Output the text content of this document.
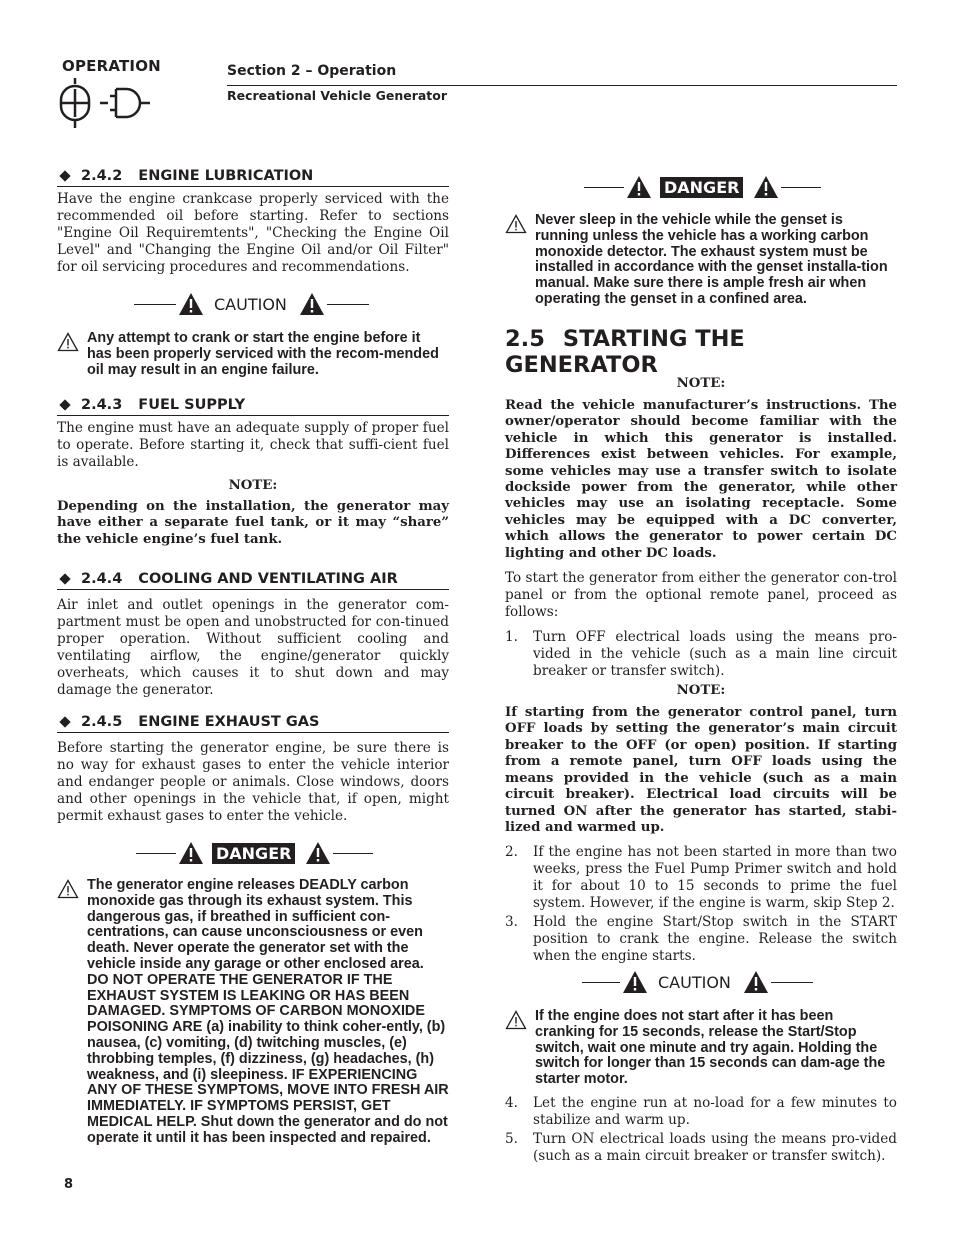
OPERATION	Section 2 – Operation
Recreational Vehicle Generator
2.4.2 ENGINE LUBRICATION

Have the engine crankcase properly serviced with the recommended oil before starting. Refer to sections "Engine Oil Requiremtents", "Checking the Engine Oil Level" and "Changing the Engine Oil and/or Oil Filter" for oil servicing procedures and recommendations.

CAUTION
Any attempt to crank or start the engine before it has been properly serviced with the recom-mended oil may result in an engine failure.
2.4.3 FUEL SUPPLY

The engine must have an adequate supply of proper fuel to operate. Before starting it, check that suffi-cient fuel is available.

NOTE:

Depending on the installation, the generator may have either a separate fuel tank, or it may “share” the vehicle engine’s fuel tank.

2.4.4 COOLING AND VENTILATING AIR

Air inlet and outlet openings in the generator com-partment must be open and unobstructed for con-tinued proper operation. Without sufficient cooling and ventilating airflow, the engine/generator quickly overheats, which causes it to shut down and may damage the generator.

2.4.5 ENGINE EXHAUST GAS

Before starting the generator engine, be sure there is no way for exhaust gases to enter the vehicle interior and endanger people or animals. Close windows, doors and other openings in the vehicle that, if open, might permit exhaust gases to enter the vehicle.

DANGER
The generator engine releases DEADLY carbon monoxide gas through its exhaust system. This dangerous gas, if breathed in sufficient con-centrations, can cause unconsciousness or even death. Never operate the generator set with the vehicle inside any garage or other enclosed area. DO NOT OPERATE THE GENERATOR IF THE EXHAUST SYSTEM IS LEAKING OR HAS BEEN DAMAGED. SYMPTOMS OF CARBON MONOXIDE POISONING ARE (a) inability to think coher-ently, (b) nausea, (c) vomiting, (d) twitching muscles, (e) throbbing temples, (f) dizziness, (g) headaches, (h) weakness, and (i) sleepiness. IF EXPERIENCING ANY OF THESE SYMPTOMS, MOVE INTO FRESH AIR IMMEDIATELY. IF SYMPTOMS PERSIST, GET MEDICAL HELP. Shut down the generator and do not operate it until it has been inspected and repaired.
DANGER
Never sleep in the vehicle while the genset is running unless the vehicle has a working carbon monoxide detector. The exhaust system must be installed in accordance with the genset installa-tion manual. Make sure there is ample fresh air when operating the genset in a confined area.
2.5 STARTING THE GENERATOR
NOTE:

Read the vehicle manufacturer’s instructions. The owner/operator should become familiar with the vehicle in which this generator is installed. Differences exist between vehicles. For example, some vehicles may use a transfer switch to isolate dockside power from the generator, while other vehicles may use an isolating receptacle. Some vehicles may be equipped with a DC converter, which allows the generator to power certain DC lighting and other DC loads.

To start the generator from either the generator con-trol panel or from the optional remote panel, proceed as follows:

1.	Turn OFF electrical loads using the means pro-vided in the vehicle (such as a main line circuit breaker or transfer switch).
NOTE:

If starting from the generator control panel, turn OFF loads by setting the generator’s main circuit breaker to the OFF (or open) position. If starting from a remote panel, turn OFF loads using the means provided in the vehicle (such as a main circuit breaker). Electrical load circuits will be turned ON after the generator has started, stabi-lized and warmed up.

2.	If the engine has not been started in more than two weeks, press the Fuel Pump Primer switch and hold it for about 10 to 15 seconds to prime the fuel system. However, if the engine is warm, skip Step 2.
3.	Hold the engine Start/Stop switch in the START position to crank the engine. Release the switch when the engine starts.
CAUTION
If the engine does not start after it has been cranking for 15 seconds, release the Start/Stop switch, wait one minute and try again. Holding the switch for longer than 15 seconds can dam-age the starter motor.
4.	Let the engine run at no-load for a few minutes to stabilize and warm up.
5.	Turn ON electrical loads using the means pro-vided (such as a main circuit breaker or transfer switch).
8
